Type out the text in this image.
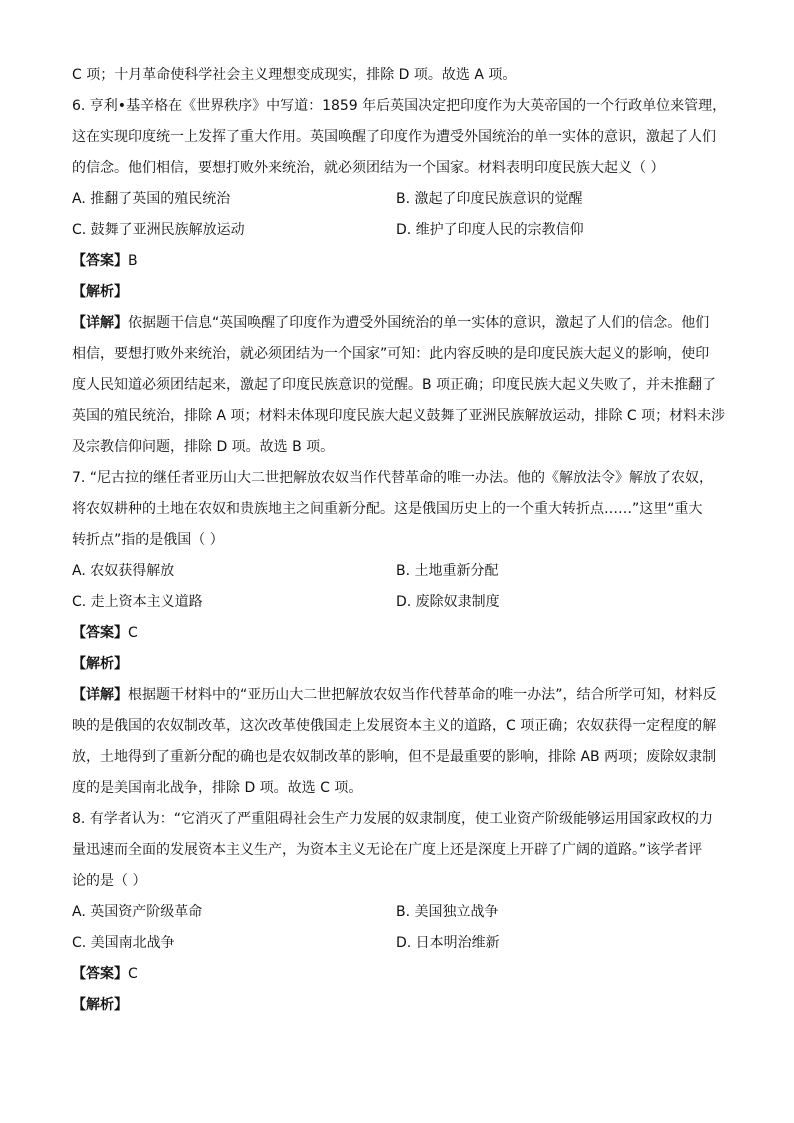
C 项；十月革命使科学社会主义理想变成现实，排除 D 项。故选 A 项。
6. 亨利•基辛格在《世界秩序》中写道：1859 年后英国决定把印度作为大英帝国的一个行政单位来管理，
这在实现印度统一上发挥了重大作用。英国唤醒了印度作为遭受外国统治的单一实体的意识，激起了人们
的信念。他们相信，要想打败外来统治，就必须团结为一个国家。材料表明印度民族大起义（ ）
A. 推翻了英国的殖民统治	B. 激起了印度民族意识的觉醒
C. 鼓舞了亚洲民族解放运动	D. 维护了印度人民的宗教信仰
【答案】B
【解析】
【详解】依据题干信息“英国唤醒了印度作为遭受外国统治的单一实体的意识，激起了人们的信念。他们
相信，要想打败外来统治，就必须团结为一个国家”可知：此内容反映的是印度民族大起义的影响，使印
度人民知道必须团结起来，激起了印度民族意识的觉醒。B 项正确；印度民族大起义失败了，并未推翻了
英国的殖民统治，排除 A 项；材料未体现印度民族大起义鼓舞了亚洲民族解放运动，排除 C 项；材料未涉
及宗教信仰问题，排除 D 项。故选 B 项。
7. “尼古拉的继任者亚历山大二世把解放农奴当作代替革命的唯一办法。他的《解放法令》解放了农奴，
将农奴耕种的土地在农奴和贵族地主之间重新分配。这是俄国历史上的一个重大转折点……”这里“重大
转折点”指的是俄国（ ）
A. 农奴获得解放	B. 土地重新分配
C. 走上资本主义道路	D. 废除奴隶制度
【答案】C
【解析】
【详解】根据题干材料中的“亚历山大二世把解放农奴当作代替革命的唯一办法”，结合所学可知，材料反
映的是俄国的农奴制改革，这次改革使俄国走上发展资本主义的道路，C 项正确；农奴获得一定程度的解
放，土地得到了重新分配的确也是农奴制改革的影响，但不是最重要的影响，排除 AB 两项；废除奴隶制
度的是美国南北战争，排除 D 项。故选 C 项。
8. 有学者认为：“它消灭了严重阻碍社会生产力发展的奴隶制度，使工业资产阶级能够运用国家政权的力
量迅速而全面的发展资本主义生产，为资本主义无论在广度上还是深度上开辟了广阔的道路。”该学者评
论的是（ ）
A. 英国资产阶级革命	B. 美国独立战争
C. 美国南北战争	D. 日本明治维新
【答案】C
【解析】
